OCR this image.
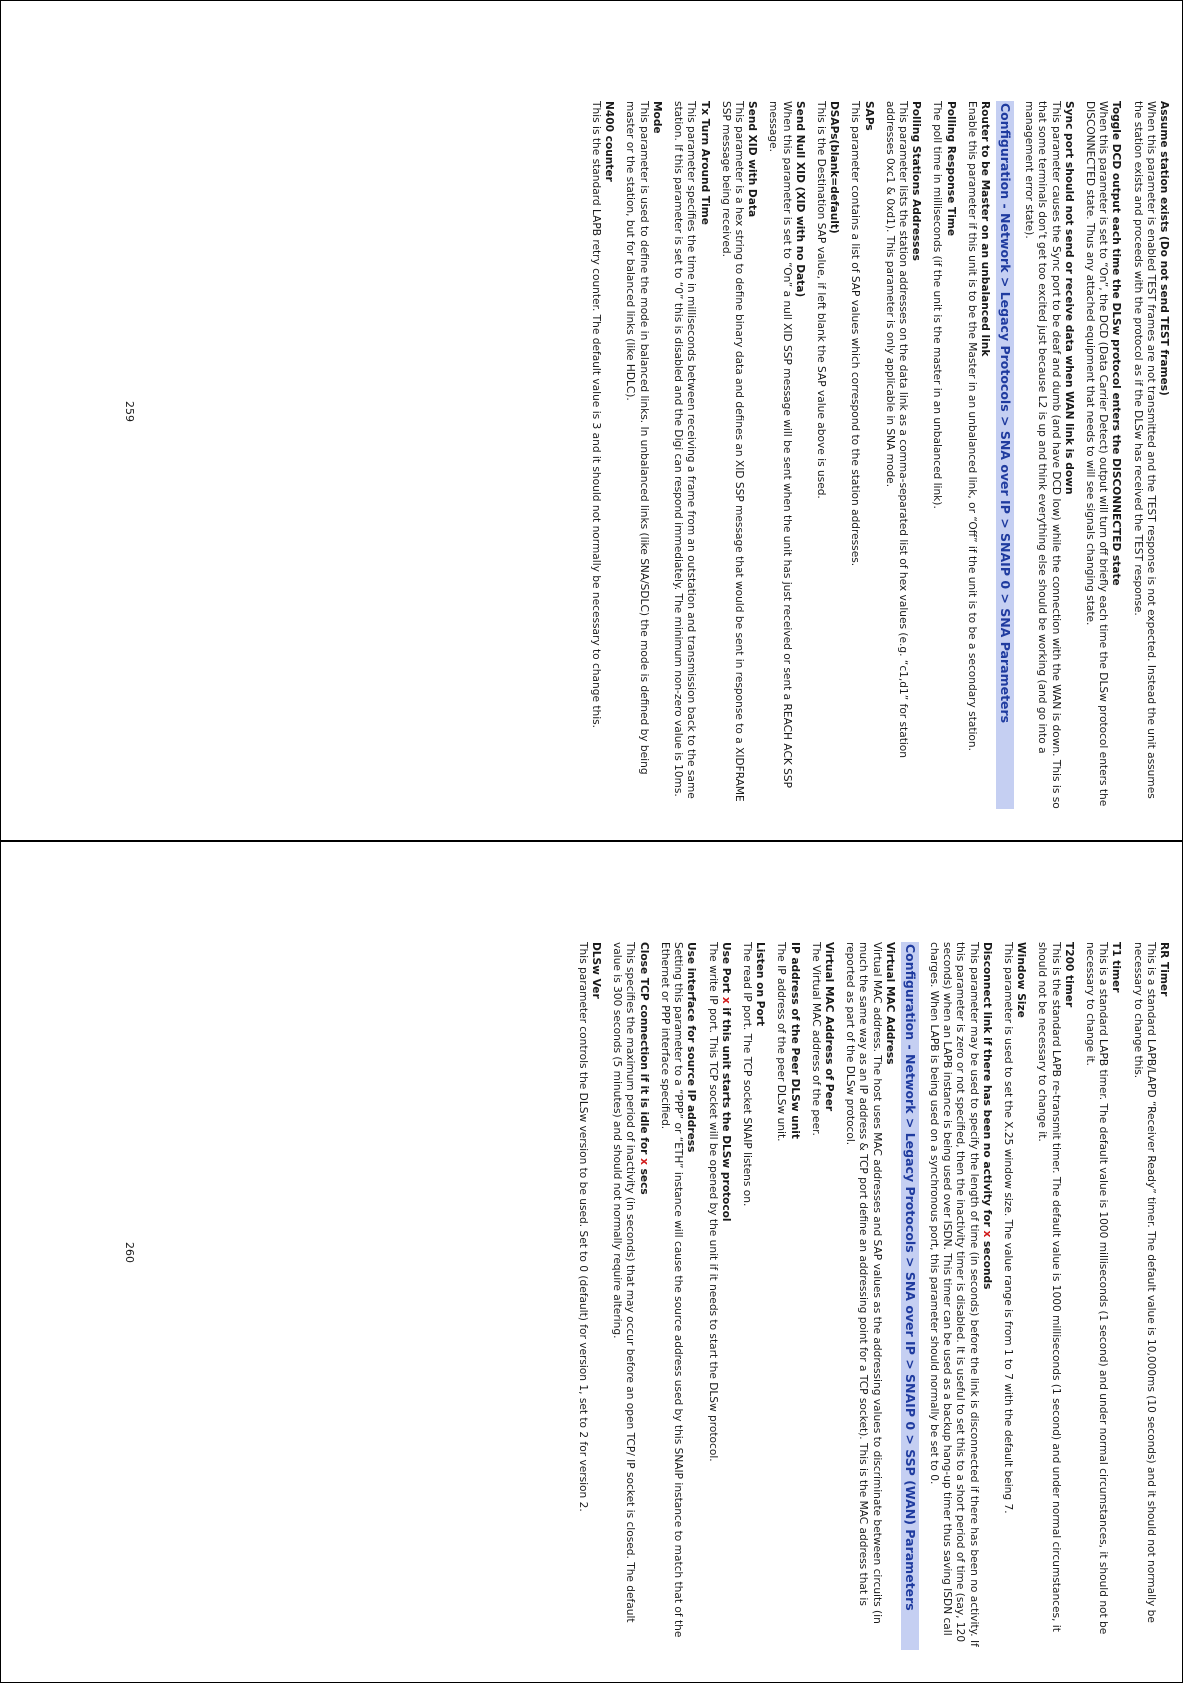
Assume station exists (Do not send TEST frames)
When this parameter is enabled TEST frames are not transmitted and the TEST response is not expected. Instead the unit assumes the station exists and proceeds with the protocol as if the DLSw has received the TEST response.
Toggle DCD output each time the DLSw protocol enters the DISCONNECTED state
When this parameter is set to “On”, the DCD (Data Carrier Detect) output will turn off briefly each time the DLSw protocol enters the DISCONNECTED state. Thus any attached equipment that needs to will see signals changing state.
Sync port should not send or receive data when WAN link is down
This parameter causes the Sync port to be deaf and dumb (and have DCD low) while the connection with the WAN is down. This is so that some terminals don’t get too excited just because L2 is up and think everything else should be working (and go into a management error state).
Configuration - Network > Legacy Protocols > SNA over IP > SNAIP 0 > SNA Parameters
Router to be Master on an unbalanced link
Enable this parameter if this unit is to be the Master in an unbalanced link, or “Off” if the unit is to be a secondary station.
Polling Response Time
The poll time in milliseconds (if the unit is the master in an unbalanced link).
Polling Stations Addresses
This parameter lists the station addresses on the data link as a comma-separated list of hex values (e.g. “c1,d1” for station addresses 0xc1 & 0xd1). This parameter is only applicable in SNA mode.
SAPs
This parameter contains a list of SAP values which correspond to the station addresses.
DSAPs(blank=default)
This is the Destination SAP value, if left blank the SAP value above is used.
Send Null XID (XID with no Data)
When this parameter is set to “On” a null XID SSP message will be sent when the unit has just received or sent a REACH ACK SSP message.
Send XID with Data
This parameter is a hex string to define binary data and defines an XID SSP message that would be sent in response to a XIDFRAME SSP message being received.
Tx Turn Around Time
This parameter specifies the time in milliseconds between receiving a frame from an outstation and transmission back to the same station. If this parameter is set to “0” this is disabled and the Digi can respond immediately. The minimum non-zero value is 10ms.
Mode
This parameter is used to define the mode in balanced links. In unbalanced links (like SNA/SDLC) the mode is defined by being master or the station, but for balanced links (like HDLC).
N400 counter
This is the standard LAPB retry counter. The default value is 3 and it should not normally be necessary to change this.
259
RR Timer
This is a standard LAPB/LAPD “Receiver Ready” timer. The default value is 10,000ms (10 seconds) and it should not normally be necessary to change this.
T1 timer
This is a standard LAPB timer. The default value is 1000 milliseconds (1 second) and under normal circumstances, it should not be necessary to change it.
T200 timer
This is the standard LAPB re-transmit timer. The default value is 1000 milliseconds (1 second) and under normal circumstances, it should not be necessary to change it.
Window Size
This parameter is used to set the X.25 window size. The value range is from 1 to 7 with the default being 7.
Disconnect link if there has been no activity for x seconds
This parameter may be used to specify the length of time (in seconds) before the link is disconnected if there has been no activity. If this parameter is zero or not specified, then the inactivity timer is disabled. It is useful to set this to a short period of time (say, 120 seconds) when an LAPB instance is being used over ISDN. This timer can be used as a backup hang-up timer thus saving ISDN call charges. When LAPB is being used on a synchronous port, this parameter should normally be set to 0.
Configuration - Network > Legacy Protocols > SNA over IP > SNAIP 0 > SSP (WAN) Parameters
Virtual MAC Address
Virtual MAC address. The host uses MAC addresses and SAP values as the addressing values to discriminate between circuits (in much the same way as an IP address & TCP port define an addressing point for a TCP socket). This is the MAC address that is reported as part of the DLSw protocol.
Virtual MAC Address of Peer
The Virtual MAC address of the peer.
IP address of the Peer DLSw unit
The IP address of the peer DLSw unit.
Listen on Port
The read IP port. The TCP socket SNAIP listens on.
Use Port x if this unit starts the DLSw protocol
The write IP port. This TCP socket will be opened by the unit if it needs to start the DLSw protocol.
Use interface for source IP address
Setting this parameter to a “PPP” or “ETH” instance will cause the source address used by this SNAIP instance to match that of the Ethernet or PPP interface specified.
Close TCP connection if it is idle for x secs
This specifies the maximum period of inactivity (in seconds) that may occur before an open TCP/ IP socket is closed. The default value is 300 seconds (5 minutes) and should not normally require altering.
DLSw Ver
This parameter controls the DLSw version to be used. Set to 0 (default) for version 1, set to 2 for version 2.
260
